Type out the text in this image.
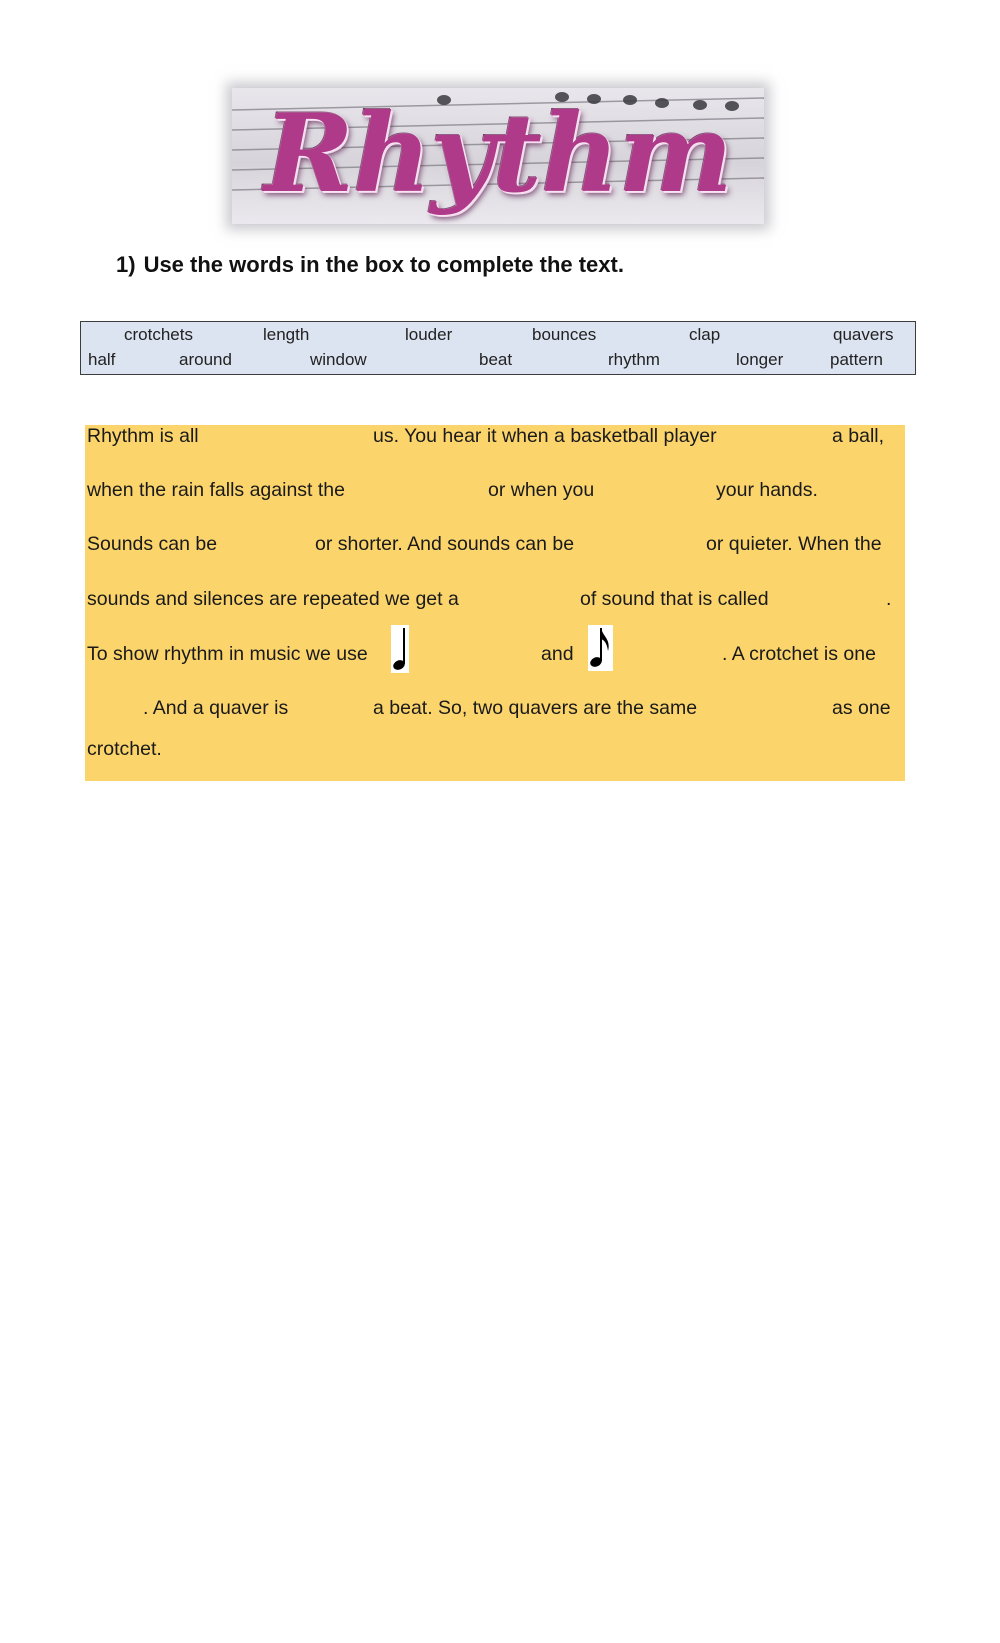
Rhythm
1) Use the words in the box to complete the text.
crotchets	length	louder	bounces	clap	quavers
half	around	window	beat	rhythm	longer	pattern
Rhythm is all	us. You hear it when a basketball player	a ball,
when the rain falls against the	or when you	your hands.
Sounds can be	or shorter. And sounds can be	or quieter. When the
sounds and silences are repeated we get a	of sound that is called	.
To show rhythm in music we use	and	. A crotchet is one
. And a quaver is	a beat. So, two quavers are the same	as one
crotchet.
